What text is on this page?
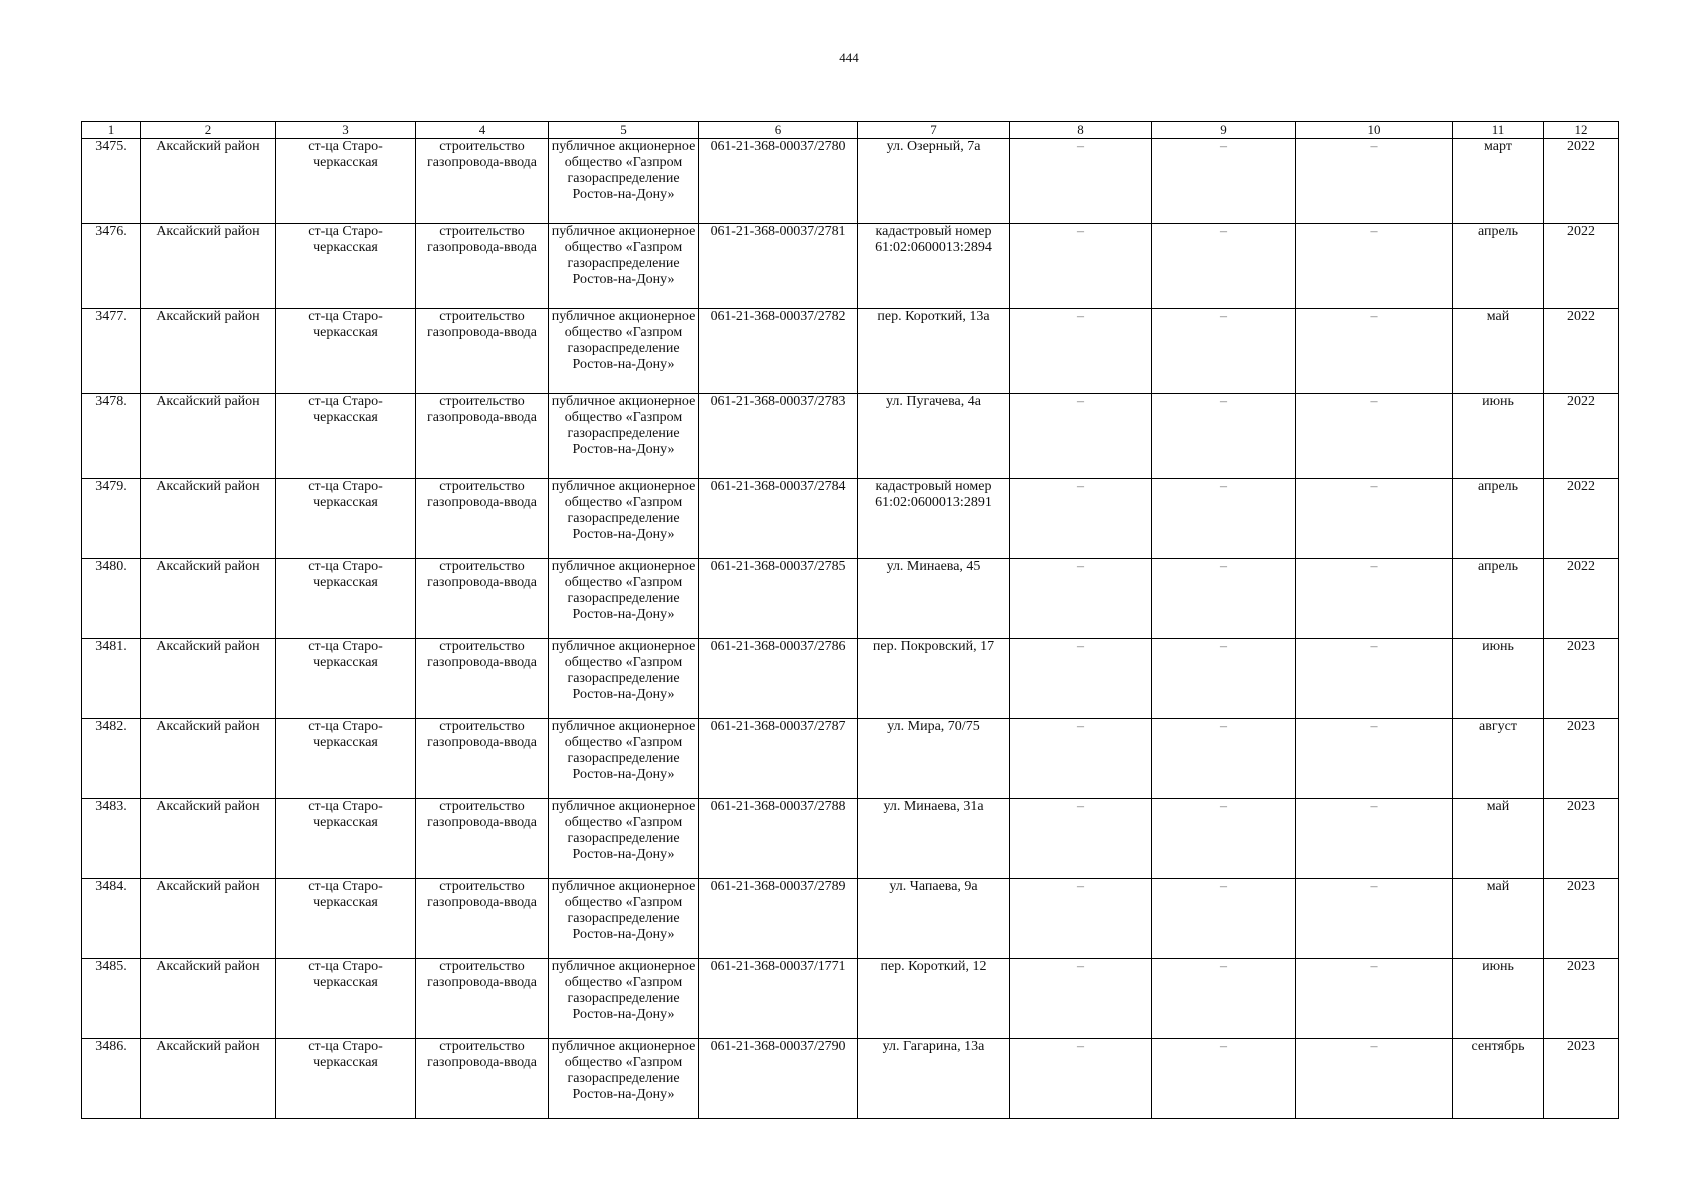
444
1	2	3	4	5	6	7	8	9	10	11	12
3475.	Аксайский район	ст-ца Старо-черкасская	строительство газопровода-ввода	публичное акционерное общество «Газпром газораспределение Ростов-на-Дону»	061-21-368-00037/2780	ул. Озерный, 7а	–	–	–	март	2022
3476.	Аксайский район	ст-ца Старо-черкасская	строительство газопровода-ввода	публичное акционерное общество «Газпром газораспределение Ростов-на-Дону»	061-21-368-00037/2781	кадастровый номер 61:02:0600013:2894	–	–	–	апрель	2022
3477.	Аксайский район	ст-ца Старо-черкасская	строительство газопровода-ввода	публичное акционерное общество «Газпром газораспределение Ростов-на-Дону»	061-21-368-00037/2782	пер. Короткий, 13а	–	–	–	май	2022
3478.	Аксайский район	ст-ца Старо-черкасская	строительство газопровода-ввода	публичное акционерное общество «Газпром газораспределение Ростов-на-Дону»	061-21-368-00037/2783	ул. Пугачева, 4а	–	–	–	июнь	2022
3479.	Аксайский район	ст-ца Старо-черкасская	строительство газопровода-ввода	публичное акционерное общество «Газпром газораспределение Ростов-на-Дону»	061-21-368-00037/2784	кадастровый номер 61:02:0600013:2891	–	–	–	апрель	2022
3480.	Аксайский район	ст-ца Старо-черкасская	строительство газопровода-ввода	публичное акционерное общество «Газпром газораспределение Ростов-на-Дону»	061-21-368-00037/2785	ул. Минаева, 45	–	–	–	апрель	2022
3481.	Аксайский район	ст-ца Старо-черкасская	строительство газопровода-ввода	публичное акционерное общество «Газпром газораспределение Ростов-на-Дону»	061-21-368-00037/2786	пер. Покровский, 17	–	–	–	июнь	2023
3482.	Аксайский район	ст-ца Старо-черкасская	строительство газопровода-ввода	публичное акционерное общество «Газпром газораспределение Ростов-на-Дону»	061-21-368-00037/2787	ул. Мира, 70/75	–	–	–	август	2023
3483.	Аксайский район	ст-ца Старо-черкасская	строительство газопровода-ввода	публичное акционерное общество «Газпром газораспределение Ростов-на-Дону»	061-21-368-00037/2788	ул. Минаева, 31а	–	–	–	май	2023
3484.	Аксайский район	ст-ца Старо-черкасская	строительство газопровода-ввода	публичное акционерное общество «Газпром газораспределение Ростов-на-Дону»	061-21-368-00037/2789	ул. Чапаева, 9а	–	–	–	май	2023
3485.	Аксайский район	ст-ца Старо-черкасская	строительство газопровода-ввода	публичное акционерное общество «Газпром газораспределение Ростов-на-Дону»	061-21-368-00037/1771	пер. Короткий, 12	–	–	–	июнь	2023
3486.	Аксайский район	ст-ца Старо-черкасская	строительство газопровода-ввода	публичное акционерное общество «Газпром газораспределение Ростов-на-Дону»	061-21-368-00037/2790	ул. Гагарина, 13а	–	–	–	сентябрь	2023
